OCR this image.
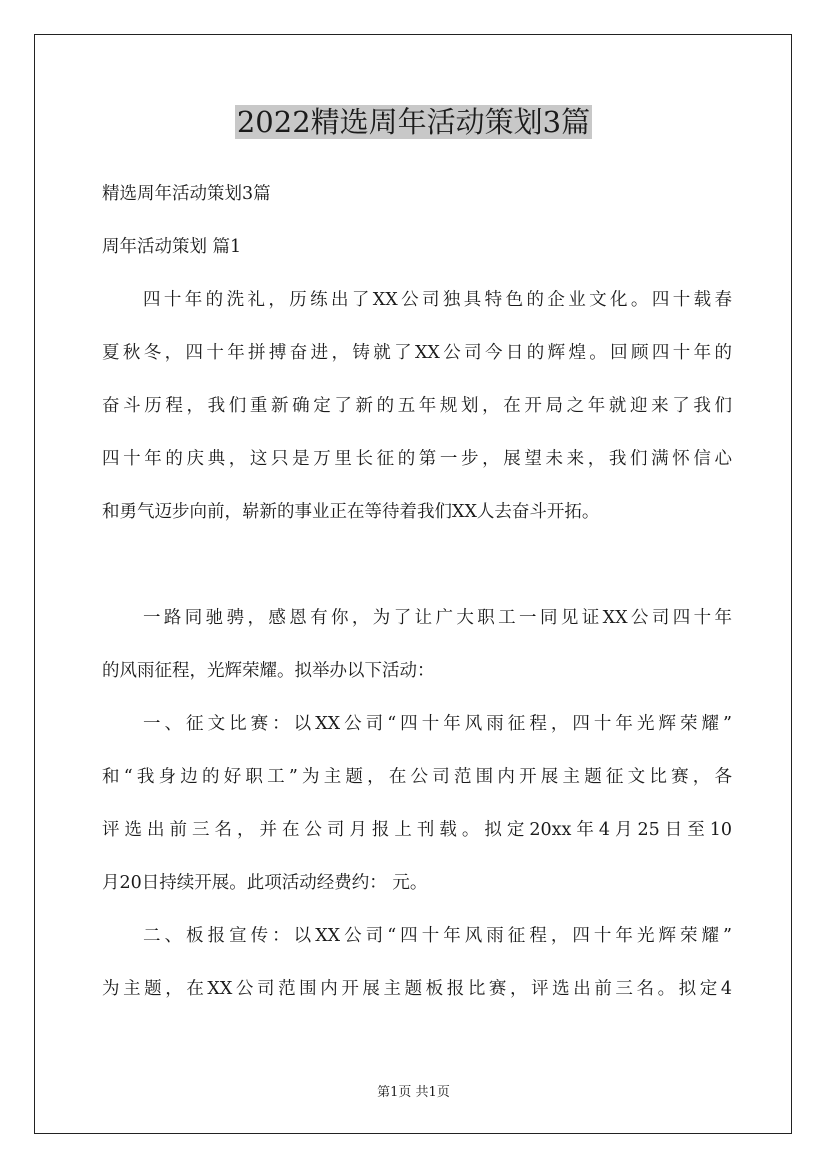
2022精选周年活动策划3篇

精选周年活动策划3篇

周年活动策划 篇1

四十年的洗礼，历练出了XX公司独具特色的企业文化。四十载春

夏秋冬，四十年拼搏奋进，铸就了XX公司今日的辉煌。回顾四十年的

奋斗历程，我们重新确定了新的五年规划，在开局之年就迎来了我们

四十年的庆典，这只是万里长征的第一步，展望未来，我们满怀信心

和勇气迈步向前，崭新的事业正在等待着我们XX人去奋斗开拓。

一路同驰骋，感恩有你，为了让广大职工一同见证XX公司四十年

的风雨征程，光辉荣耀。拟举办以下活动：

一、征文比赛：以XX公司“四十年风雨征程，四十年光辉荣耀”

和“我身边的好职工”为主题，在公司范围内开展主题征文比赛，各

评选出前三名，并在公司月报上刊载。拟定20xx年4月25日至10

月20日持续开展。此项活动经费约： 元。

二、板报宣传：以XX公司“四十年风雨征程，四十年光辉荣耀”

为主题，在XX公司范围内开展主题板报比赛，评选出前三名。拟定4

第1页 共1页
